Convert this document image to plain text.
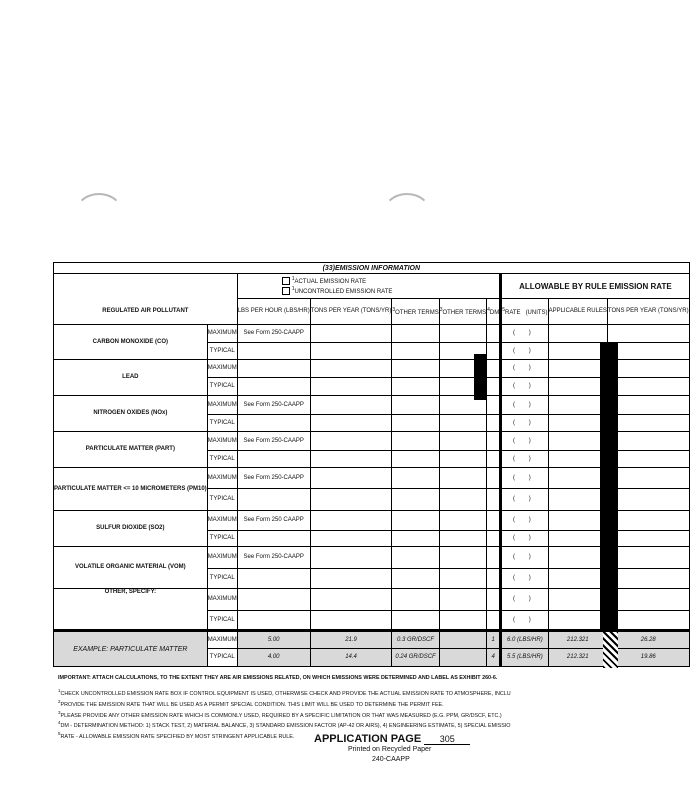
(33)EMISSION INFORMATION									

		$^1$ACTUAL EMISSION RATE
$^1$UNCONTROLLED EMISSION RATE					ALLOWABLE BY RULE EMISSION RATE		
REGULATED AIR POLLUTANT		LBS PER HOUR (LBS/HR)	TONS PER YEAR (TONS/YR)	$^3$OTHER TERMS	$^3$OTHER TERMS	$^4$DM	$^5$RATE (UNITS)	APPLICABLE RULES	TONS PER YEAR (TONS/YR)
CARBON MONOXIDE (CO)	MAXIMUM	See Form 250-CAAPP					( )		
	TYPICAL						( )		
LEAD	MAXIMUM						( )		
	TYPICAL						( )		
NITROGEN OXIDES (NOx)	MAXIMUM	See Form 250-CAAPP					( )		
	TYPICAL						( )		
PARTICULATE MATTER (PART)	MAXIMUM	See Form 250-CAAPP					( )		
	TYPICAL						( )		
PARTICULATE MATTER <= 10 MICROMETERS (PM10)	MAXIMUM	See Form 250-CAAPP					( )		
	TYPICAL						( )		
SULFUR DIOXIDE (SO2)	MAXIMUM	See Form 250 CAAPP					( )		
	TYPICAL						( )		
VOLATILE ORGANIC MATERIAL (VOM)	MAXIMUM	See Form 250-CAAPP					( )		
	TYPICAL						( )		
OTHER, SPECIFY:	MAXIMUM						( )		
	TYPICAL						( )		
EXAMPLE: PARTICULATE MATTER	MAXIMUM	5.00	21.9	0.3 GR/DSCF		1	6.0 (LBS/HR)	212.321	26.28
	TYPICAL	4.00	14.4	0.24 GR/DSCF		4	5.5 (LBS/HR)	212.321	19.86
IMPORTANT: ATTACH CALCULATIONS, TO THE EXTENT THEY ARE AIR EMISSIONS RELATED, ON WHICH EMISSIONS WERE DETERMINED AND LABEL AS EXHIBIT 260-6.
$^1$CHECK UNCONTROLLED EMISSION RATE BOX IF CONTROL EQUIPMENT IS USED, OTHERWISE CHECK AND PROVIDE THE ACTUAL EMISSION RATE TO ATMOSPHERE, INCLU
$^2$PROVIDE THE EMISSION RATE THAT WILL BE USED AS A PERMIT SPECIAL CONDITION. THIS LIMIT WILL BE USED TO DETERMINE THE PERMIT FEE.
$^3$PLEASE PROVIDE ANY OTHER EMISSION RATE WHICH IS COMMONLY USED, REQUIRED BY A SPECIFIC LIMITATION OR THAT WAS MEASURED (E.G. PPM, GR/DSCF, ETC.)
$^4$DM - DETERMINATION METHOD: 1) STACK TEST, 2) MATERIAL BALANCE, 3) STANDARD EMISSION FACTOR (AP-42 OR AIRS), 4) ENGINEERING ESTIMATE, 5) SPECIAL EMISSIO
$^5$RATE - ALLOWABLE EMISSION RATE SPECIFIED BY MOST STRINGENT APPLICABLE RULE.	APPLICATION PAGE 305
Printed on Recycled Paper
240-CAAPP
